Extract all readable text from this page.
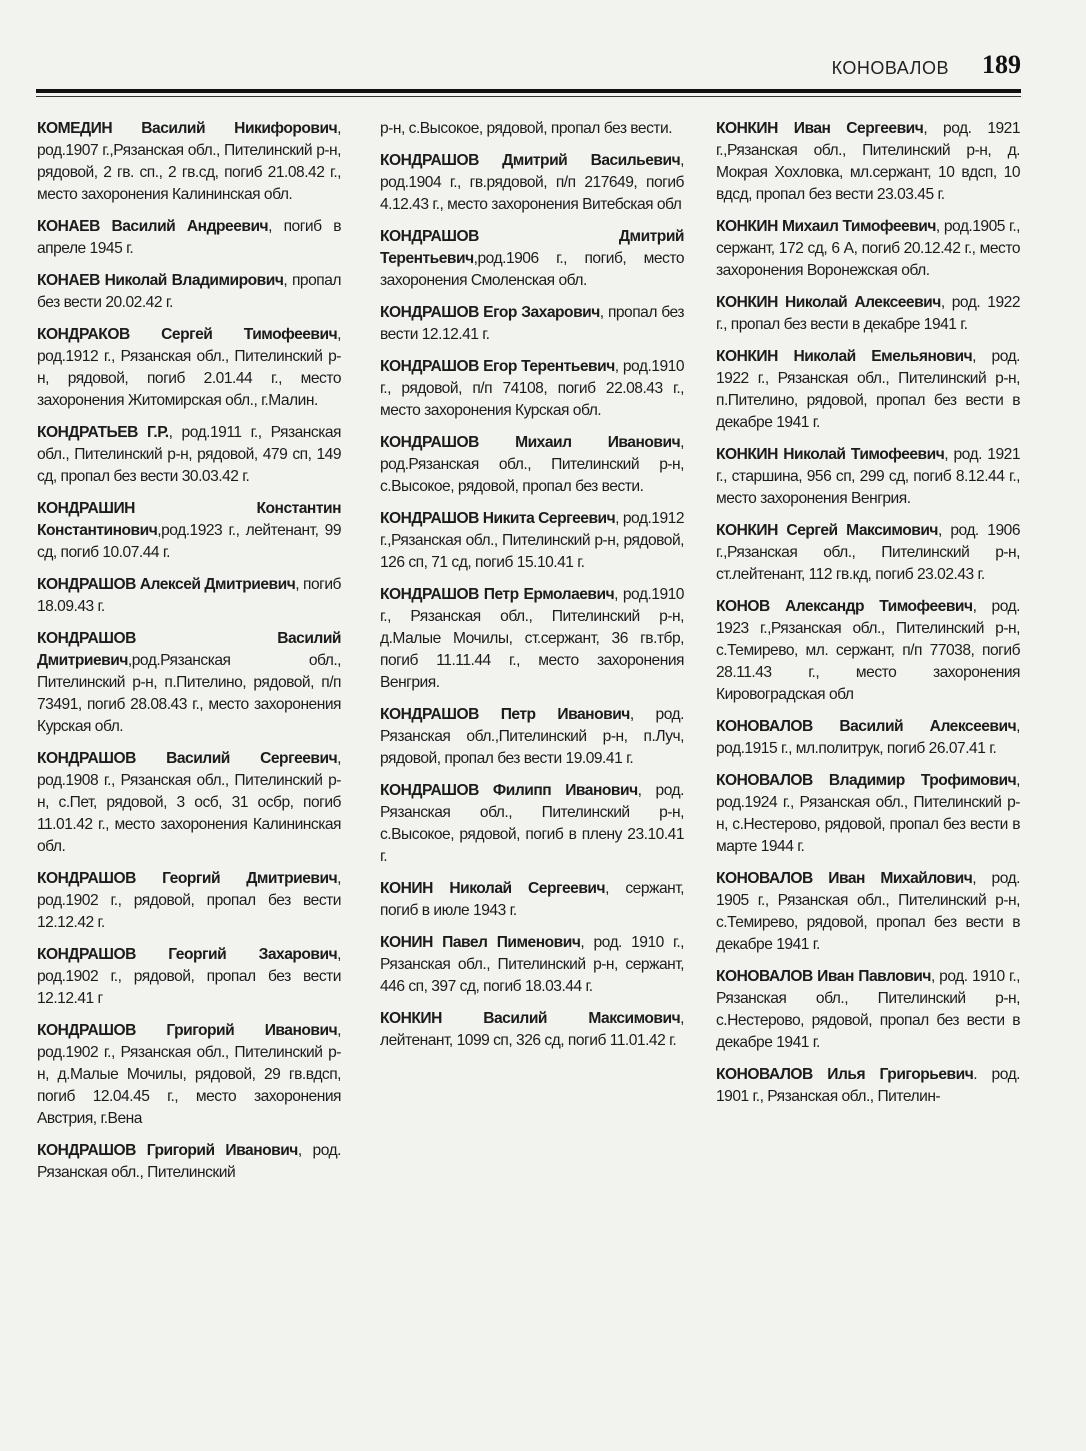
КОНОВАЛОВ 189

КОМЕДИН Василий Никифорович, род.1907 г.,Рязанская обл., Пителинский р-н, рядовой, 2 гв. сп., 2 гв.сд, погиб 21.08.42 г., место захоронения Калининская обл.

КОНАЕВ Василий Андреевич, погиб в апреле 1945 г.

КОНАЕВ Николай Владимирович, пропал без вести 20.02.42 г.

КОНДРАКОВ Сергей Тимофеевич, род.1912 г., Рязанская обл., Пителинский р-н, рядовой, погиб 2.01.44 г., место захоронения Житомирская обл., г.Малин.

КОНДРАТЬЕВ Г.Р., род.1911 г., Рязанская обл., Пителинский р-н, рядовой, 479 сп, 149 сд, пропал без вести 30.03.42 г.

КОНДРАШИН Константин Константинович,род.1923 г., лейтенант, 99 сд, погиб 10.07.44 г.

КОНДРАШОВ Алексей Дмитриевич, погиб 18.09.43 г.

КОНДРАШОВ Василий Дмитриевич,род.Рязанская обл., Пителинский р-н, п.Пителино, рядовой, п/п 73491, погиб 28.08.43 г., место захоронения Курская обл.

КОНДРАШОВ Василий Сергеевич, род.1908 г., Рязанская обл., Пителинский р-н, с.Пет, рядовой, 3 осб, 31 осбр, погиб 11.01.42 г., место захоронения Калининская обл.

КОНДРАШОВ Георгий Дмитриевич, род.1902 г., рядовой, пропал без вести 12.12.42 г.

КОНДРАШОВ Георгий Захарович, род.1902 г., рядовой, пропал без вести 12.12.41 г

КОНДРАШОВ Григорий Иванович, род.1902 г., Рязанская обл., Пителинский р-н, д.Малые Мочилы, рядовой, 29 гв.вдсп, погиб 12.04.45 г., место захоронения Австрия, г.Вена

КОНДРАШОВ Григорий Иванович, род. Рязанская обл., Пителинский

р-н, с.Высокое, рядовой, пропал без вести.

КОНДРАШОВ Дмитрий Васильевич, род.1904 г., гв.рядовой, п/п 217649, погиб 4.12.43 г., место захоронения Витебская обл

КОНДРАШОВ Дмитрий Терентьевич,род.1906 г., погиб, место захоронения Смоленская обл.

КОНДРАШОВ Егор Захарович, пропал без вести 12.12.41 г.

КОНДРАШОВ Егор Терентьевич, род.1910 г., рядовой, п/п 74108, погиб 22.08.43 г., место захоронения Курская обл.

КОНДРАШОВ Михаил Иванович, род.Рязанская обл., Пителинский р-н, с.Высокое, рядовой, пропал без вести.

КОНДРАШОВ Никита Сергеевич, род.1912 г.,Рязанская обл., Пителинский р-н, рядовой, 126 сп, 71 сд, погиб 15.10.41 г.

КОНДРАШОВ Петр Ермолаевич, род.1910 г., Рязанская обл., Пителинский р-н, д.Малые Мочилы, ст.сержант, 36 гв.тбр, погиб 11.11.44 г., место захоронения Венгрия.

КОНДРАШОВ Петр Иванович, род. Рязанская обл.,Пителинский р-н, п.Луч, рядовой, пропал без вести 19.09.41 г.

КОНДРАШОВ Филипп Иванович, род. Рязанская обл., Пителинский р-н, с.Высокое, рядовой, погиб в плену 23.10.41 г.

КОНИН Николай Сергеевич, сержант, погиб в июле 1943 г.

КОНИН Павел Пименович, род. 1910 г., Рязанская обл., Пителинский р-н, сержант, 446 сп, 397 сд, погиб 18.03.44 г.

КОНКИН Василий Максимович, лейтенант, 1099 сп, 326 сд, погиб 11.01.42 г.

КОНКИН Иван Сергеевич, род. 1921 г.,Рязанская обл., Пителинский р-н, д. Мокрая Хохловка, мл.сержант, 10 вдсп, 10 вдсд, пропал без вести 23.03.45 г.

КОНКИН Михаил Тимофеевич, род.1905 г., сержант, 172 сд, 6 А, погиб 20.12.42 г., место захоронения Воронежская обл.

КОНКИН Николай Алексеевич, род. 1922 г., пропал без вести в декабре 1941 г.

КОНКИН Николай Емельянович, род. 1922 г., Рязанская обл., Пителинский р-н, п.Пителино, рядовой, пропал без вести в декабре 1941 г.

КОНКИН Николай Тимофеевич, род. 1921 г., старшина, 956 сп, 299 сд, погиб 8.12.44 г., место захоронения Венгрия.

КОНКИН Сергей Максимович, род. 1906 г.,Рязанская обл., Пителинский р-н, ст.лейтенант, 112 гв.кд, погиб 23.02.43 г.

КОНОВ Александр Тимофеевич, род. 1923 г.,Рязанская обл., Пителинский р-н, с.Темирево, мл. сержант, п/п 77038, погиб 28.11.43 г., место захоронения Кировоградская обл

КОНОВАЛОВ Василий Алексеевич, род.1915 г., мл.политрук, погиб 26.07.41 г.

КОНОВАЛОВ Владимир Трофимович, род.1924 г., Рязанская обл., Пителинский р-н, с.Нестерово, рядовой, пропал без вести в марте 1944 г.

КОНОВАЛОВ Иван Михайлович, род. 1905 г., Рязанская обл., Пителинский р-н, с.Темирево, рядовой, пропал без вести в декабре 1941 г.

КОНОВАЛОВ Иван Павлович, род. 1910 г., Рязанская обл., Пителинский р-н, с.Нестерово, рядовой, пропал без вести в декабре 1941 г.

КОНОВАЛОВ Илья Григорьевич. род. 1901 г., Рязанская обл., Пителин-
